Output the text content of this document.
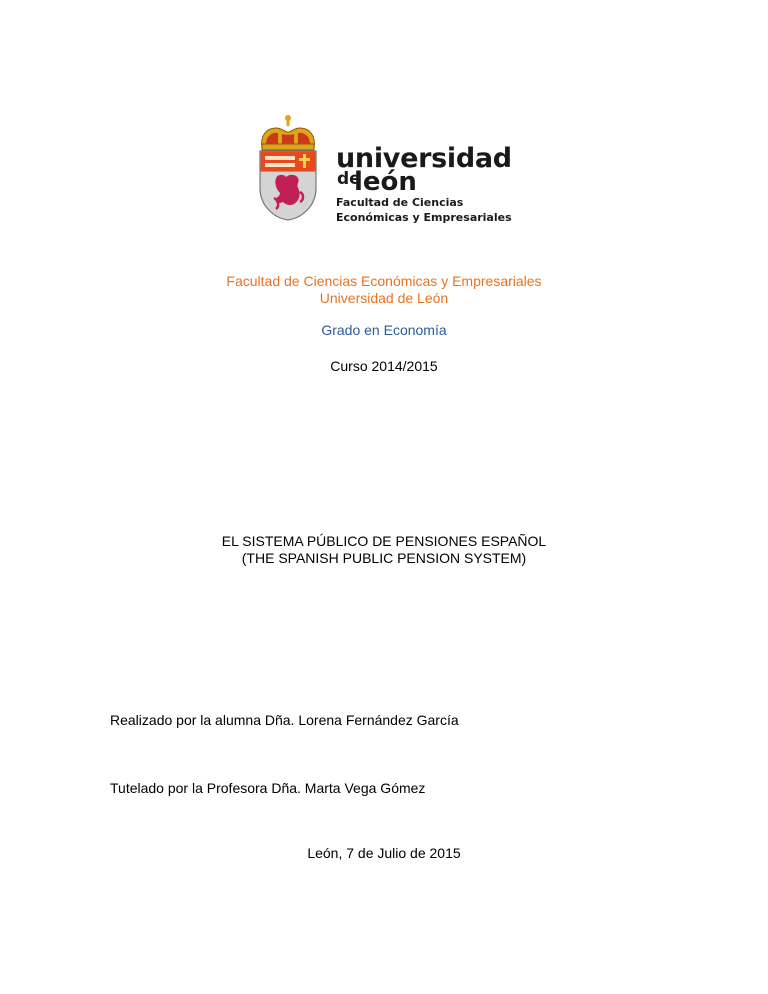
universidad
de
león
Facultad de Ciencias
Económicas y Empresariales
Facultad de Ciencias Económicas y Empresariales
Universidad de León
Grado en Economía
Curso 2014/2015
EL SISTEMA PÚBLICO DE PENSIONES ESPAÑOL
(THE SPANISH PUBLIC PENSION SYSTEM)
Realizado por la alumna Dña. Lorena Fernández García
Tutelado por la Profesora Dña. Marta Vega Gómez
León, 7 de Julio de 2015
